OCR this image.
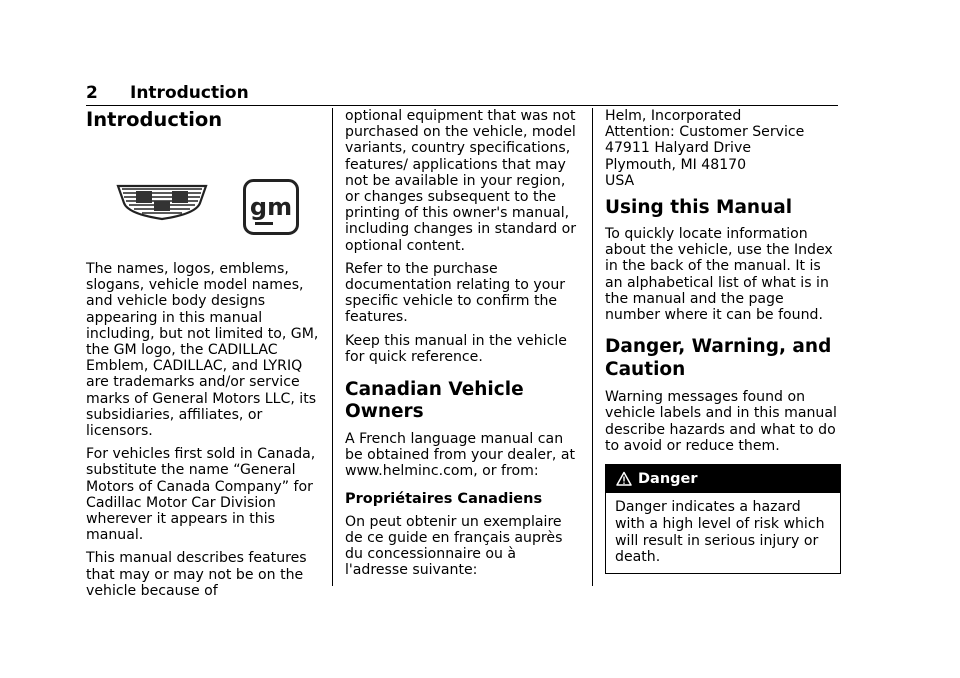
2 Introduction
Introduction
gm

The names, logos, emblems, slogans, vehicle model names, and vehicle body designs appearing in this manual including, but not limited to, GM, the GM logo, the CADILLAC Emblem, CADILLAC, and LYRIQ are trademarks and/or service marks of General Motors LLC, its subsidiaries, affiliates, or licensors.

For vehicles first sold in Canada, substitute the name “General Motors of Canada Company” for Cadillac Motor Car Division wherever it appears in this manual.

This manual describes features that may or may not be on the vehicle because of

optional equipment that was not purchased on the vehicle, model variants, country specifications, features/ applications that may not be available in your region, or changes subsequent to the printing of this owner's manual, including changes in standard or optional content.

Refer to the purchase documentation relating to your specific vehicle to confirm the features.

Keep this manual in the vehicle for quick reference.

Canadian Vehicle Owners

A French language manual can be obtained from your dealer, at www.helminc.com, or from:

Propriétaires Canadiens

On peut obtenir un exemplaire de ce guide en français auprès du concessionnaire ou à l'adresse suivante:

Helm, Incorporated

Attention: Customer Service

47911 Halyard Drive

Plymouth, MI 48170

USA

Using this Manual

To quickly locate information about the vehicle, use the Index in the back of the manual. It is an alphabetical list of what is in the manual and the page number where it can be found.

Danger, Warning, and Caution

Warning messages found on vehicle labels and in this manual describe hazards and what to do to avoid or reduce them.

Danger

Danger indicates a hazard with a high level of risk which will result in serious injury or death.
